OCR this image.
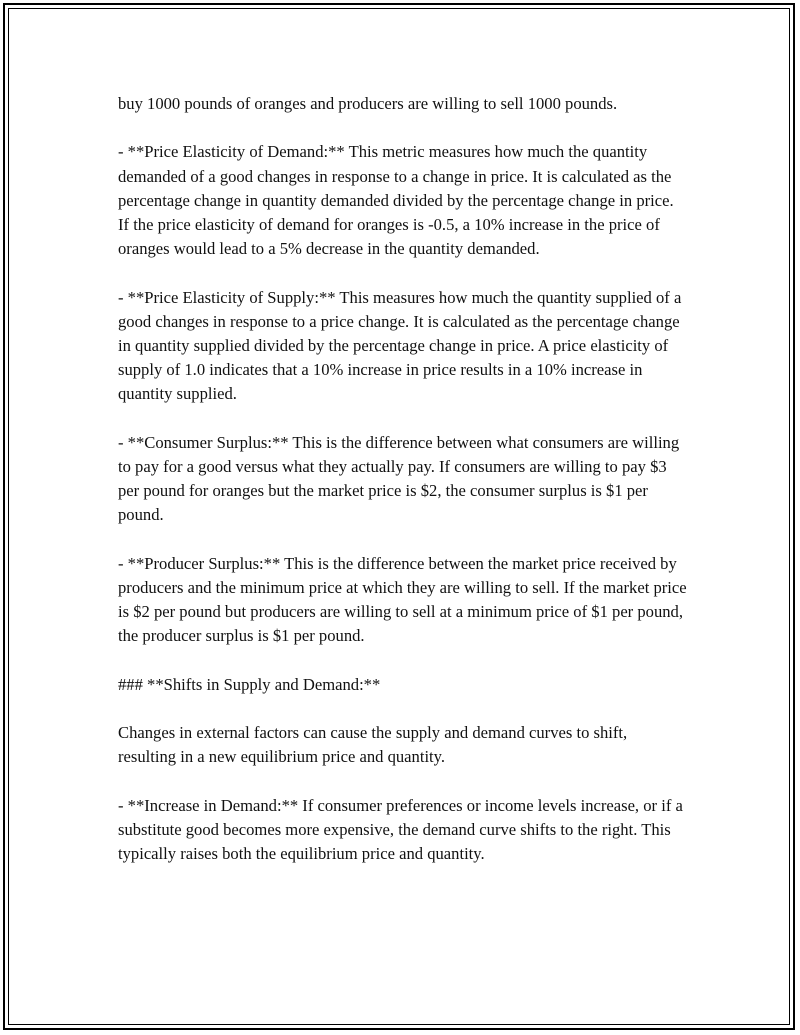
buy 1000 pounds of oranges and producers are willing to sell 1000 pounds.

- **Price Elasticity of Demand:** This metric measures how much the quantity demanded of a good changes in response to a change in price. It is calculated as the percentage change in quantity demanded divided by the percentage change in price. If the price elasticity of demand for oranges is -0.5, a 10% increase in the price of oranges would lead to a 5% decrease in the quantity demanded.

- **Price Elasticity of Supply:** This measures how much the quantity supplied of a good changes in response to a price change. It is calculated as the percentage change in quantity supplied divided by the percentage change in price. A price elasticity of supply of 1.0 indicates that a 10% increase in price results in a 10% increase in quantity supplied.

- **Consumer Surplus:** This is the difference between what consumers are willing to pay for a good versus what they actually pay. If consumers are willing to pay $3 per pound for oranges but the market price is $2, the consumer surplus is $1 per pound.

- **Producer Surplus:** This is the difference between the market price received by producers and the minimum price at which they are willing to sell. If the market price is $2 per pound but producers are willing to sell at a minimum price of $1 per pound, the producer surplus is $1 per pound.

### **Shifts in Supply and Demand:**

Changes in external factors can cause the supply and demand curves to shift, resulting in a new equilibrium price and quantity.

- **Increase in Demand:** If consumer preferences or income levels increase, or if a substitute good becomes more expensive, the demand curve shifts to the right. This typically raises both the equilibrium price and quantity.
